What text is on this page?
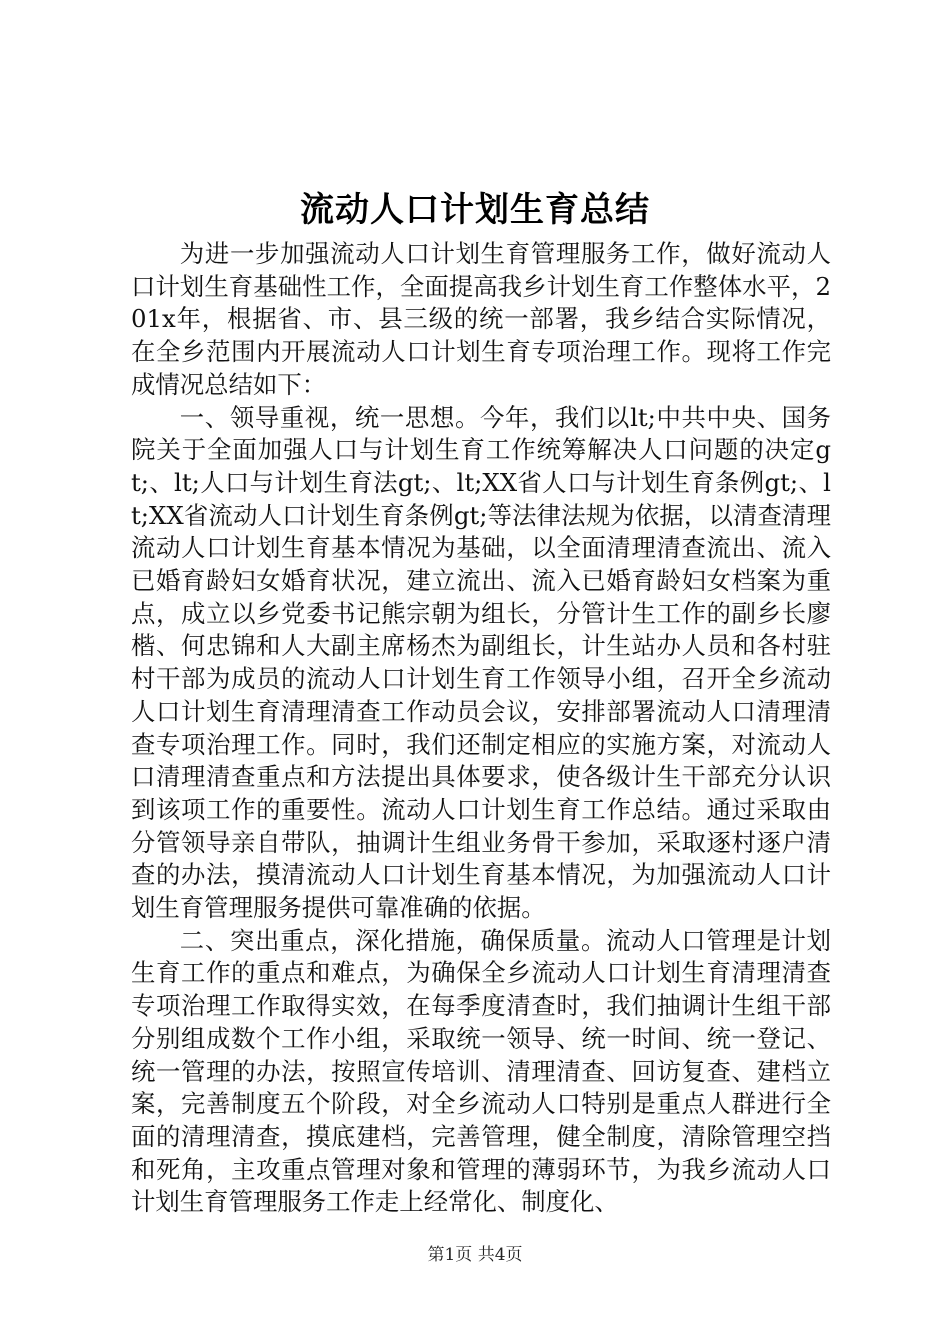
流动人口计划生育总结

为进一步加强流动人口计划生育管理服务工作，做好流动人口计划生育基础性工作，全面提高我乡计划生育工作整体水平，201x年，根据省、市、县三级的统一部署，我乡结合实际情况，在全乡范围内开展流动人口计划生育专项治理工作。现将工作完成情况总结如下：

一、领导重视，统一思想。今年，我们以lt;中共中央、国务院关于全面加强人口与计划生育工作统筹解决人口问题的决定gt;、lt;人口与计划生育法gt;、lt;XX省人口与计划生育条例gt;、lt;XX省流动人口计划生育条例gt;等法律法规为依据，以清查清理流动人口计划生育基本情况为基础，以全面清理清查流出、流入已婚育龄妇女婚育状况，建立流出、流入已婚育龄妇女档案为重点，成立以乡党委书记熊宗朝为组长，分管计生工作的副乡长廖楷、何忠锦和人大副主席杨杰为副组长，计生站办人员和各村驻村干部为成员的流动人口计划生育工作领导小组，召开全乡流动人口计划生育清理清查工作动员会议，安排部署流动人口清理清查专项治理工作。同时，我们还制定相应的实施方案，对流动人口清理清查重点和方法提出具体要求，使各级计生干部充分认识到该项工作的重要性。流动人口计划生育工作总结。通过采取由分管领导亲自带队，抽调计生组业务骨干参加，采取逐村逐户清查的办法，摸清流动人口计划生育基本情况，为加强流动人口计划生育管理服务提供可靠准确的依据。

二、突出重点，深化措施，确保质量。流动人口管理是计划生育工作的重点和难点，为确保全乡流动人口计划生育清理清查专项治理工作取得实效，在每季度清查时，我们抽调计生组干部分别组成数个工作小组，采取统一领导、统一时间、统一登记、统一管理的办法，按照宣传培训、清理清查、回访复查、建档立案，完善制度五个阶段，对全乡流动人口特别是重点人群进行全面的清理清查，摸底建档，完善管理，健全制度，清除管理空挡和死角，主攻重点管理对象和管理的薄弱环节，为我乡流动人口计划生育管理服务工作走上经常化、制度化、

第1页 共4页
